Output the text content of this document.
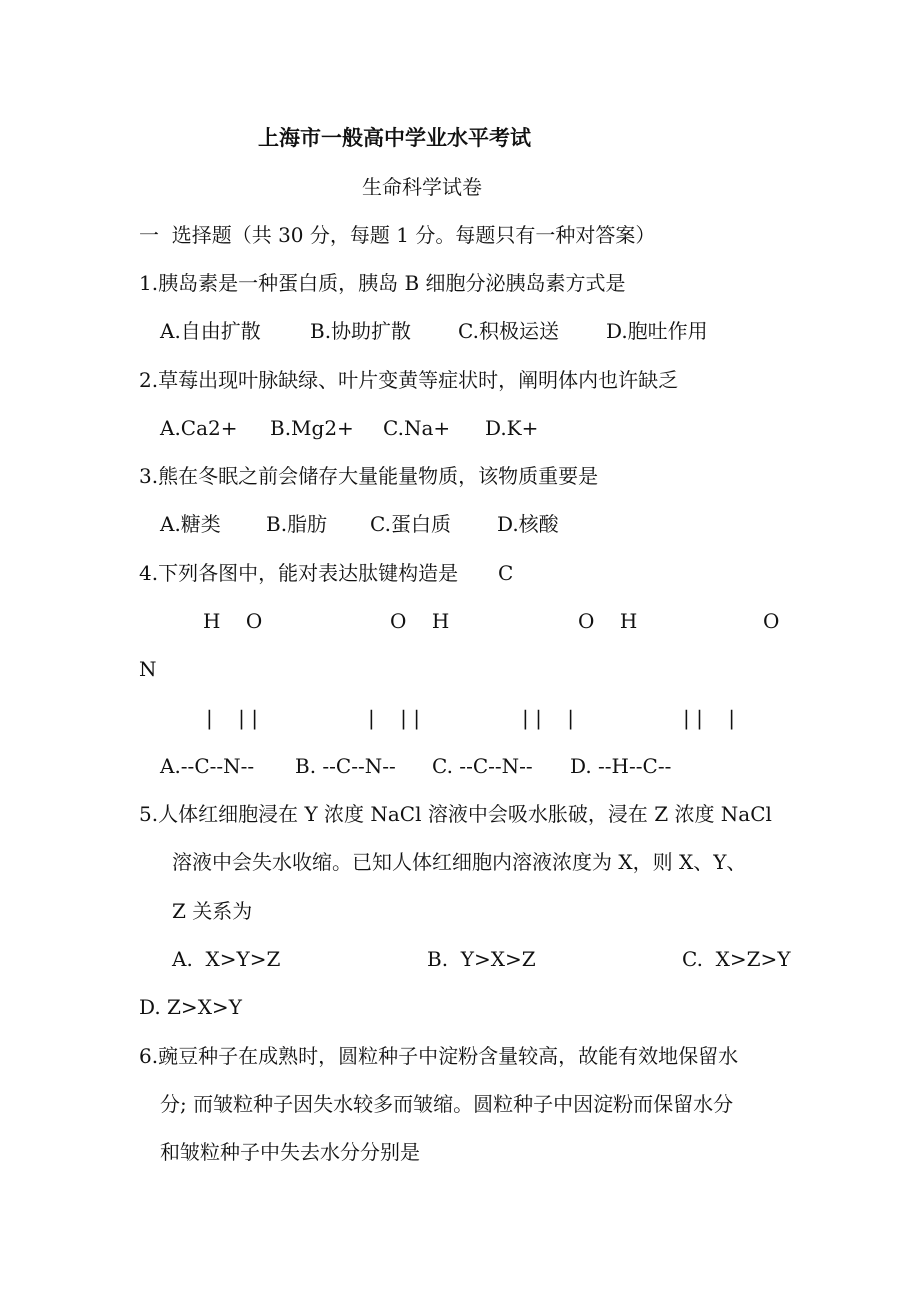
上海市一般高中学业水平考试
生命科学试卷
一  选择题（共 30 分，每题 1 分。每题只有一种对答案）
1.胰岛素是一种蛋白质，胰岛 B 细胞分泌胰岛素方式是
A.自由扩散 B.协助扩散 C.积极运送 D.胞吐作用
2.草莓出现叶脉缺绿、叶片变黄等症状时，阐明体内也许缺乏
A.Ca2+ B.Mg2+ C.Na+ D.K+
3.熊在冬眠之前会储存大量能量物质，该物质重要是
A.糖类 B.脂肪 C.蛋白质 D.核酸
4.下列各图中，能对表达肽键构造是 C
H    O	O    H	O    H	O
N
|    | |	|    | |	| |    |	| |    |
A.--C--N-- B. --C--N-- C. --C--N-- D. --H--C--
5.人体红细胞浸在 Y 浓度 NaCl 溶液中会吸水胀破，浸在 Z 浓度 NaCl
溶液中会失水收缩。已知人体红细胞内溶液浓度为 X，则 X、Y、
Z 关系为
A.  X>Y>Z	B.  Y>X>Z	C.  X>Z>Y
D. Z>X>Y
6.豌豆种子在成熟时，圆粒种子中淀粉含量较高，故能有效地保留水
分; 而皱粒种子因失水较多而皱缩。圆粒种子中因淀粉而保留水分
和皱粒种子中失去水分分别是
